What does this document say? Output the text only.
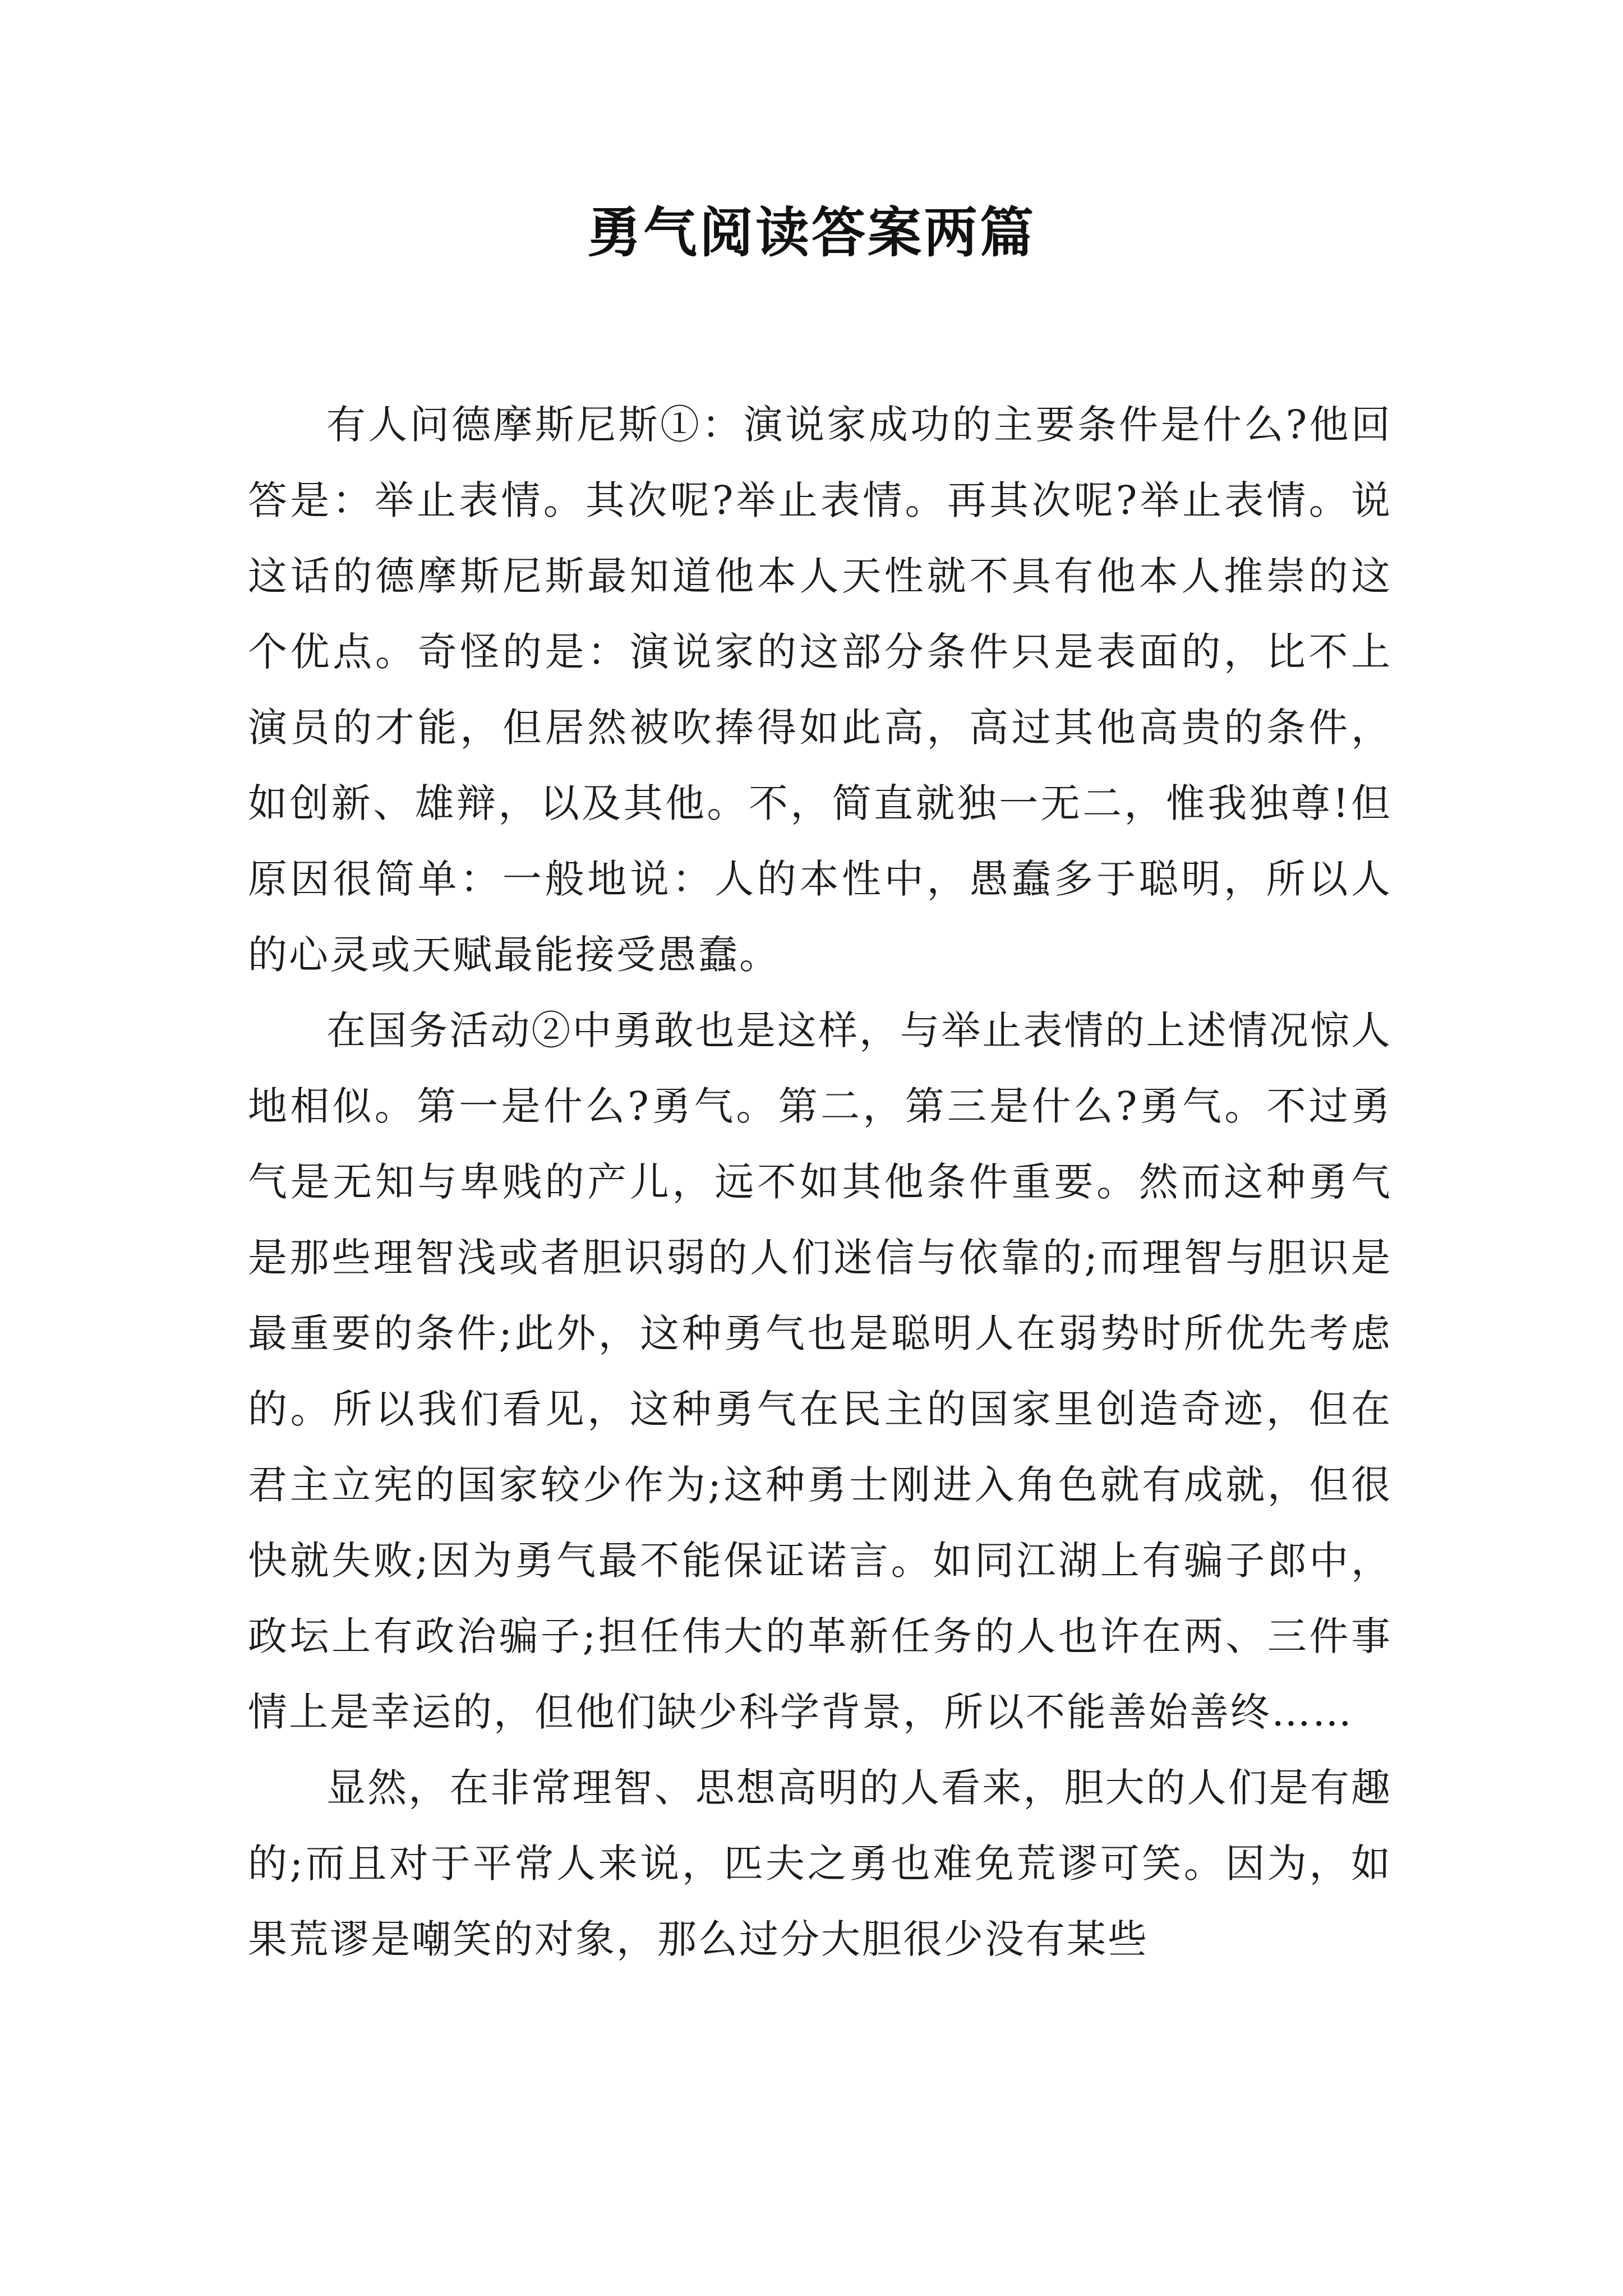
勇气阅读答案两篇

有人问德摩斯尼斯①：演说家成功的主要条件是什么?他回答是：举止表情。其次呢?举止表情。再其次呢?举止表情。说这话的德摩斯尼斯最知道他本人天性就不具有他本人推崇的这个优点。奇怪的是：演说家的这部分条件只是表面的，比不上演员的才能，但居然被吹捧得如此高，高过其他高贵的条件，如创新、雄辩，以及其他。不，简直就独一无二，惟我独尊!但原因很简单：一般地说：人的本性中，愚蠢多于聪明，所以人的心灵或天赋最能接受愚蠢。

在国务活动②中勇敢也是这样，与举止表情的上述情况惊人地相似。第一是什么?勇气。第二，第三是什么?勇气。不过勇气是无知与卑贱的产儿，远不如其他条件重要。然而这种勇气是那些理智浅或者胆识弱的人们迷信与依靠的;而理智与胆识是最重要的条件;此外，这种勇气也是聪明人在弱势时所优先考虑的。所以我们看见，这种勇气在民主的国家里创造奇迹，但在君主立宪的国家较少作为;这种勇士刚进入角色就有成就，但很快就失败;因为勇气最不能保证诺言。如同江湖上有骗子郎中，政坛上有政治骗子;担任伟大的革新任务的人也许在两、三件事情上是幸运的，但他们缺少科学背景，所以不能善始善终……

显然，在非常理智、思想高明的人看来，胆大的人们是有趣的;而且对于平常人来说，匹夫之勇也难免荒谬可笑。因为，如果荒谬是嘲笑的对象，那么过分大胆很少没有某些
